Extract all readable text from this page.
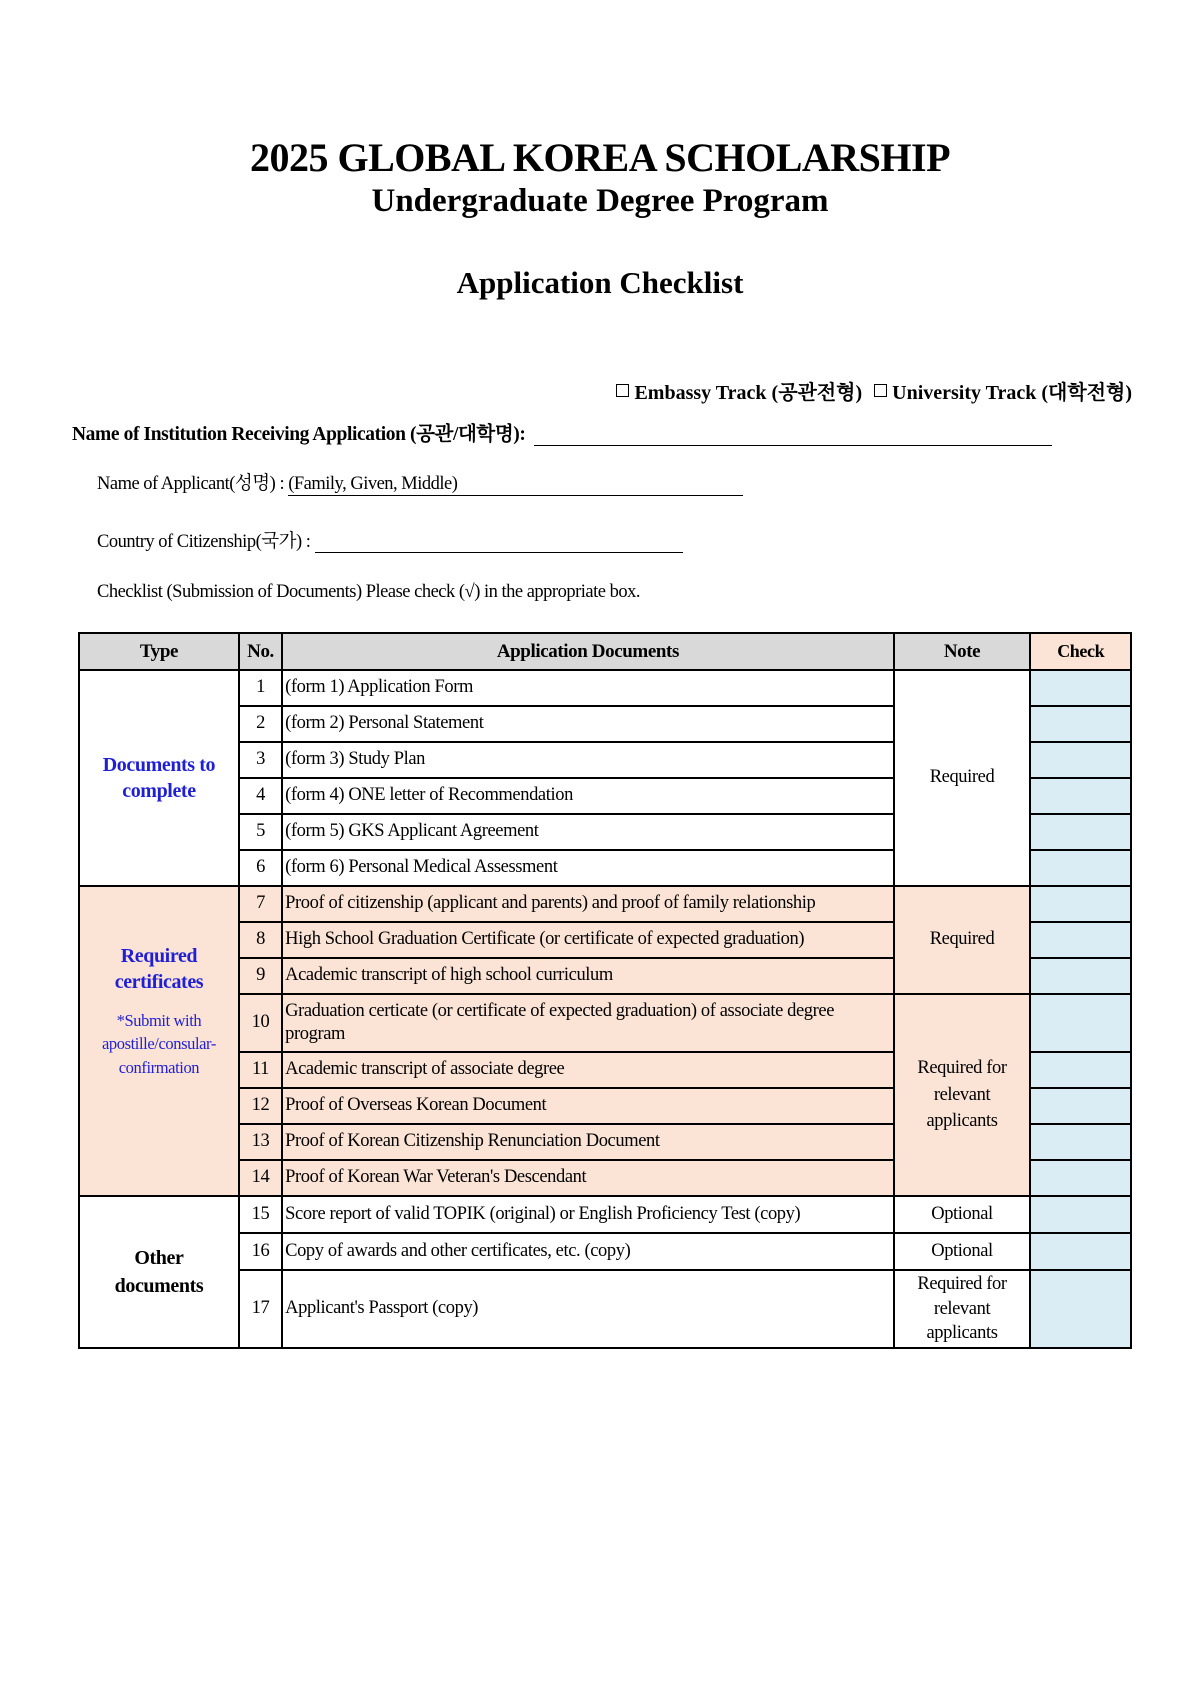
2025 GLOBAL KOREA SCHOLARSHIP
Undergraduate Degree Program
Application Checklist
Embassy Track (공관전형)
University Track (대학전형)
Name of Institution Receiving Application (공관/대학명):
Name of Applicant(성명) : (Family, Given, Middle)
Country of Citizenship(국가) :
Checklist (Submission of Documents) Please check (√) in the appropriate box.
Type	No.	Application Documents	Note	Check

Documents to complete	1	(form 1) Application Form	Required	
	2	(form 2) Personal Statement		
	3	(form 3) Study Plan		
	4	(form 4) ONE letter of Recommendation		
	5	(form 5) GKS Applicant Agreement		
	6	(form 6) Personal Medical Assessment		

Required certificates
*Submit with apostille/consular-confirmation	7	Proof of citizenship (applicant and parents) and proof of family relationship	Required	
	8	High School Graduation Certificate (or certificate of expected graduation)		
	9	Academic transcript of high school curriculum		
	10	Graduation certicate (or certificate of expected graduation) of associate degree program	Required for relevant applicants	

	11	Academic transcript of associate degree		
	12	Proof of Overseas Korean Document		
	13	Proof of Korean Citizenship Renunciation Document		
	14	Proof of Korean War Veteran's Descendant		

Other documents	15	Score report of valid TOPIK (original) or English Proficiency Test (copy)	Optional	
	16	Copy of awards and other certificates, etc. (copy)	Optional	
	17	Applicant's Passport (copy)	Required for relevant applicants	
